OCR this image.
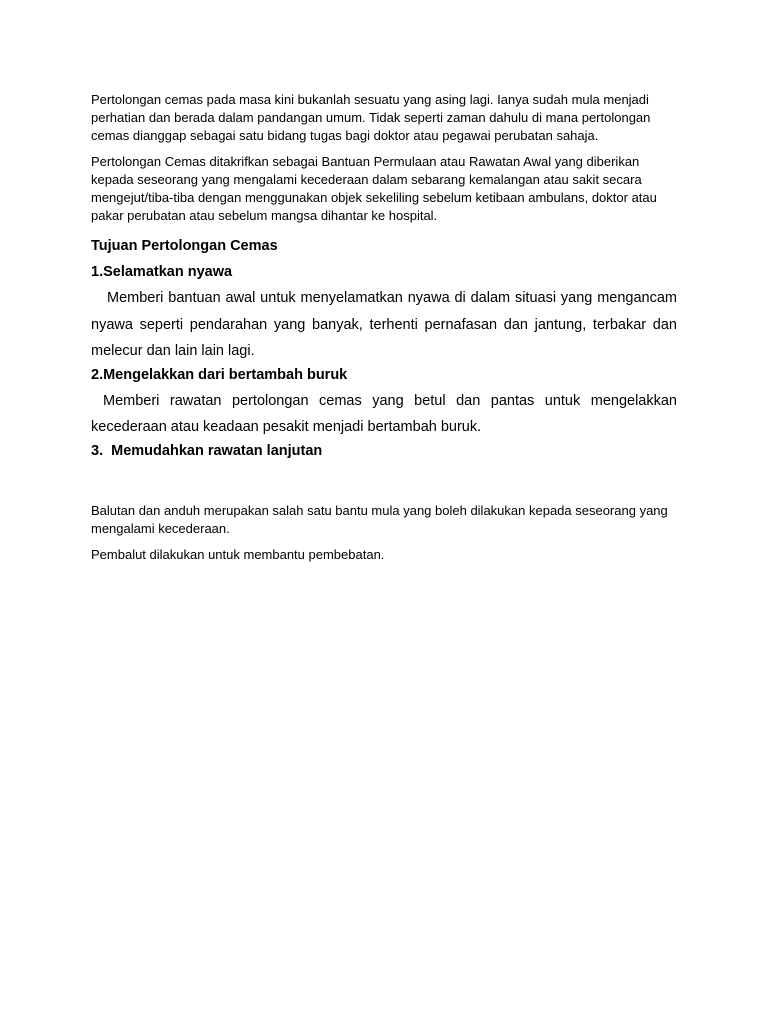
Pertolongan cemas pada masa kini bukanlah sesuatu yang asing lagi. Ianya sudah mula menjadi perhatian dan berada dalam pandangan umum. Tidak seperti zaman dahulu di mana pertolongan cemas dianggap sebagai satu bidang tugas bagi doktor atau pegawai perubatan sahaja.

Pertolongan Cemas ditakrifkan sebagai Bantuan Permulaan atau Rawatan Awal yang diberikan kepada seseorang yang mengalami kecederaan dalam sebarang kemalangan atau sakit secara mengejut/tiba-tiba dengan menggunakan objek sekeliling sebelum ketibaan ambulans, doktor atau pakar perubatan atau sebelum mangsa dihantar ke hospital.

Tujuan Pertolongan Cemas
1.Selamatkan nyawa

Memberi bantuan awal untuk menyelamatkan nyawa di dalam situasi yang mengancam nyawa seperti pendarahan yang banyak, terhenti pernafasan dan jantung, terbakar dan melecur dan lain lain lagi.

2.Mengelakkan dari bertambah buruk

Memberi rawatan pertolongan cemas yang betul dan pantas untuk mengelakkan kecederaan atau keadaan pesakit menjadi bertambah buruk.

3.  Memudahkan rawatan lanjutan

Balutan dan anduh merupakan salah satu bantu mula yang boleh dilakukan kepada seseorang yang mengalami kecederaan.

Pembalut dilakukan untuk membantu pembebatan.
